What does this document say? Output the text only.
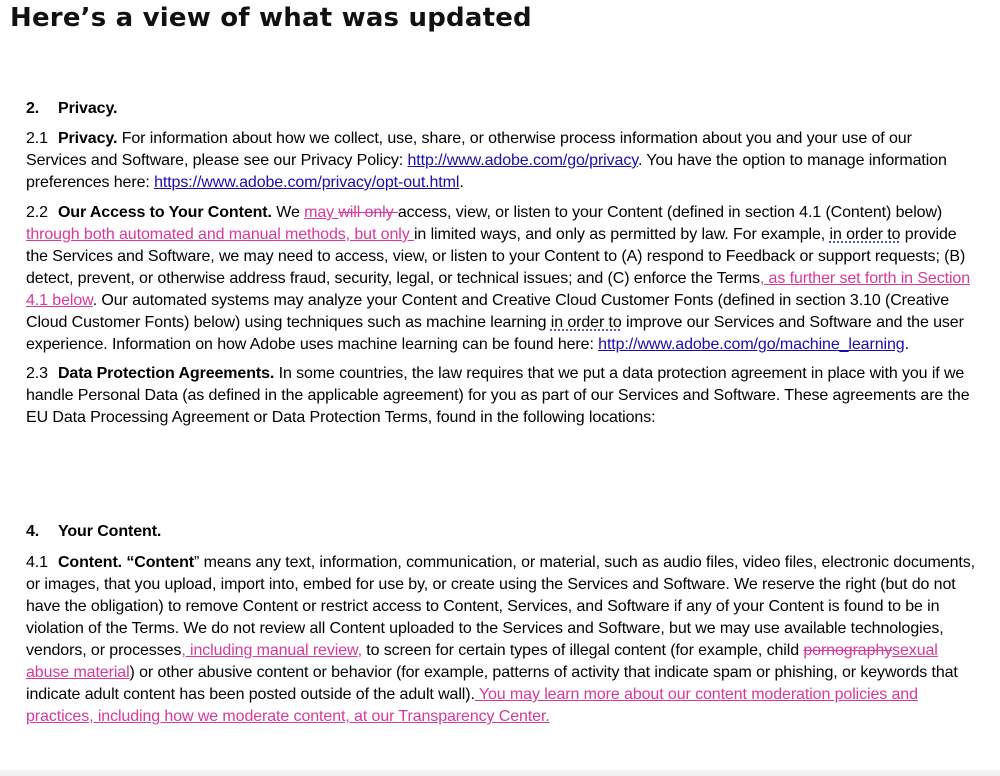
Here’s a view of what was updated

2. Privacy.

2.1 Privacy. For information about how we collect, use, share, or otherwise process information about you and your use of our Services and Software, please see our Privacy Policy: http://www.adobe.com/go/privacy. You have the option to manage information preferences here: https://www.adobe.com/privacy/opt-out.html.

2.2 Our Access to Your Content. We may will only access, view, or listen to your Content (defined in section 4.1 (Content) below) through both automated and manual methods, but only in limited ways, and only as permitted by law. For example, in order to provide the Services and Software, we may need to access, view, or listen to your Content to (A) respond to Feedback or support requests; (B) detect, prevent, or otherwise address fraud, security, legal, or technical issues; and (C) enforce the Terms, as further set forth in Section 4.1 below. Our automated systems may analyze your Content and Creative Cloud Customer Fonts (defined in section 3.10 (Creative Cloud Customer Fonts) below) using techniques such as machine learning in order to improve our Services and Software and the user experience. Information on how Adobe uses machine learning can be found here: http://www.adobe.com/go/machine_learning.

2.3 Data Protection Agreements. In some countries, the law requires that we put a data protection agreement in place with you if we handle Personal Data (as defined in the applicable agreement) for you as part of our Services and Software. These agreements are the EU Data Processing Agreement or Data Protection Terms, found in the following locations:

4. Your Content.

4.1 Content. “Content” means any text, information, communication, or material, such as audio files, video files, electronic documents, or images, that you upload, import into, embed for use by, or create using the Services and Software. We reserve the right (but do not have the obligation) to remove Content or restrict access to Content, Services, and Software if any of your Content is found to be in violation of the Terms. We do not review all Content uploaded to the Services and Software, but we may use available technologies, vendors, or processes, including manual review, to screen for certain types of illegal content (for example, child pornographysexual abuse material) or other abusive content or behavior (for example, patterns of activity that indicate spam or phishing, or keywords that indicate adult content has been posted outside of the adult wall). You may learn more about our content moderation policies and practices, including how we moderate content, at our Transparency Center.
